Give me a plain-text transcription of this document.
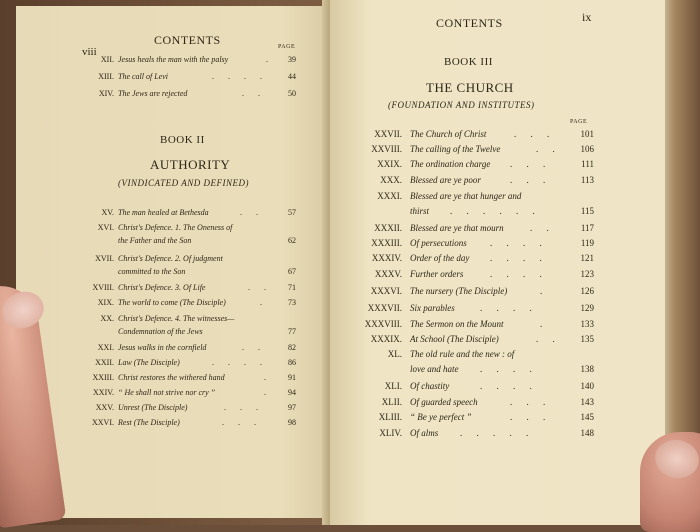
viii
CONTENTS	PAGE
XII. Jesus heals the man with the palsy	.	39
XIII. The call of Levi	. . . .	44
XIV. The Jews are rejected	. .	50
BOOK II
AUTHORITY
(VINDICATED AND DEFINED)
XV. The man healed at Bethesda	. .	57
XVI. Christ's Defence. 1. The Oneness of
the Father and the Son	62
XVII. Christ's Defence. 2. Of judgment
committed to the Son	67
XVIII. Christ's Defence. 3. Of Life	. .	71
XIX. The world to come (The Disciple)	.	73
XX. Christ's Defence. 4. The witnesses—
Condemnation of the Jews	77
XXI. Jesus walks in the cornfield	. .	82
XXII. Law (The Disciple)	. . . .	86
XXIII. Christ restores the withered hand	.	91
XXIV. “ He shall not strive nor cry ”	.	94
XXV. Unrest (The Disciple)	. . .	97
XXVI. Rest (The Disciple)	. . .	98
CONTENTS	ix
BOOK III
THE CHURCH
(FOUNDATION AND INSTITUTES)
PAGE
XXVII. The Church of Christ	. . .	101
XXVIII. The calling of the Twelve	. .	106
XXIX. The ordination charge . . .	111
XXX. Blessed are ye poor	. . .	113
XXXI. Blessed are ye that hunger and
thirst . . . . . .	115
XXXII. Blessed are ye that mourn	. .	117
XXXIII. Of persecutions	. . . .	119
XXXIV. Order of the day . . . .	121
XXXV. Further orders	. . . .	123
XXXVI. The nursery (The Disciple)	.	126
XXXVII. Six parables	. . . .	129
XXXVIII. The Sermon on the Mount	.	133
XXXIX. At School (The Disciple)	. .	135
XL. The old rule and the new : of
love and hate . . . .	138
XLI. Of chastity	. . . .	140
XLII. Of guarded speech	. . .	143
XLIII. “ Be ye perfect ”	. . .	145
XLIV. Of alms . . . . .	148
